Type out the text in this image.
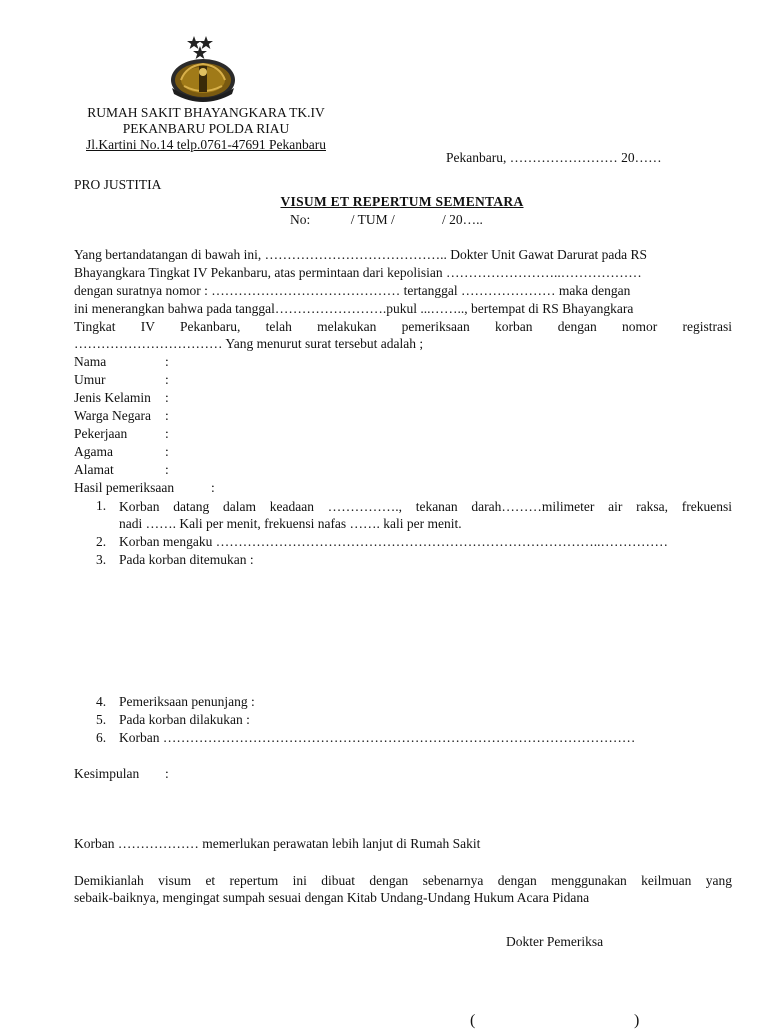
RUMAH SAKIT BHAYANGKARA TK.IV
PEKANBARU POLDA RIAU
Jl.Kartini No.14 telp.0761-47691 Pekanbaru
Pekanbaru, …………………… 20……
PRO JUSTITIA
VISUM ET REPERTUM SEMENTARA
No:            / TUM /              / 20…..
Yang bertandatangan di bawah ini, ………………………………….. Dokter Unit Gawat Darurat pada RS
Bhayangkara Tingkat IV Pekanbaru, atas permintaan dari kepolisian ……………………..………………
dengan suratnya nomor : …………………………………… tertanggal ………………… maka dengan
ini menerangkan bahwa pada tanggal…………………….pukul ...…….., bertempat di RS Bhayangkara
Tingkat IV Pekanbaru, telah melakukan pemeriksaan korban dengan nomor registrasi
…………………………… Yang menurut surat tersebut adalah ;
Nama	:
Umur	:
Jenis Kelamin :
Warga Negara :
Pekerjaan	:
Agama	:
Alamat	:
Hasil pemeriksaan	:
1. Korban datang dalam keadaan ……………., tekanan darah………milimeter air raksa, frekuensi
nadi ……. Kali per menit, frekuensi nafas ……. kali per menit.
2. Korban mengaku …………………………………………………………………………..……………
3. Pada korban ditemukan :
4. Pemeriksaan penunjang :
5. Pada korban dilakukan :
6. Korban ……………………………………………………………………………………………
Kesimpulan :
Korban ……………… memerlukan perawatan lebih lanjut di Rumah Sakit
Demikianlah visum et repertum ini dibuat dengan sebenarnya dengan menggunakan keilmuan yang
sebaik-baiknya, mengingat sumpah sesuai dengan Kitab Undang-Undang Hukum Acara Pidana
Dokter Pemeriksa
(	)
